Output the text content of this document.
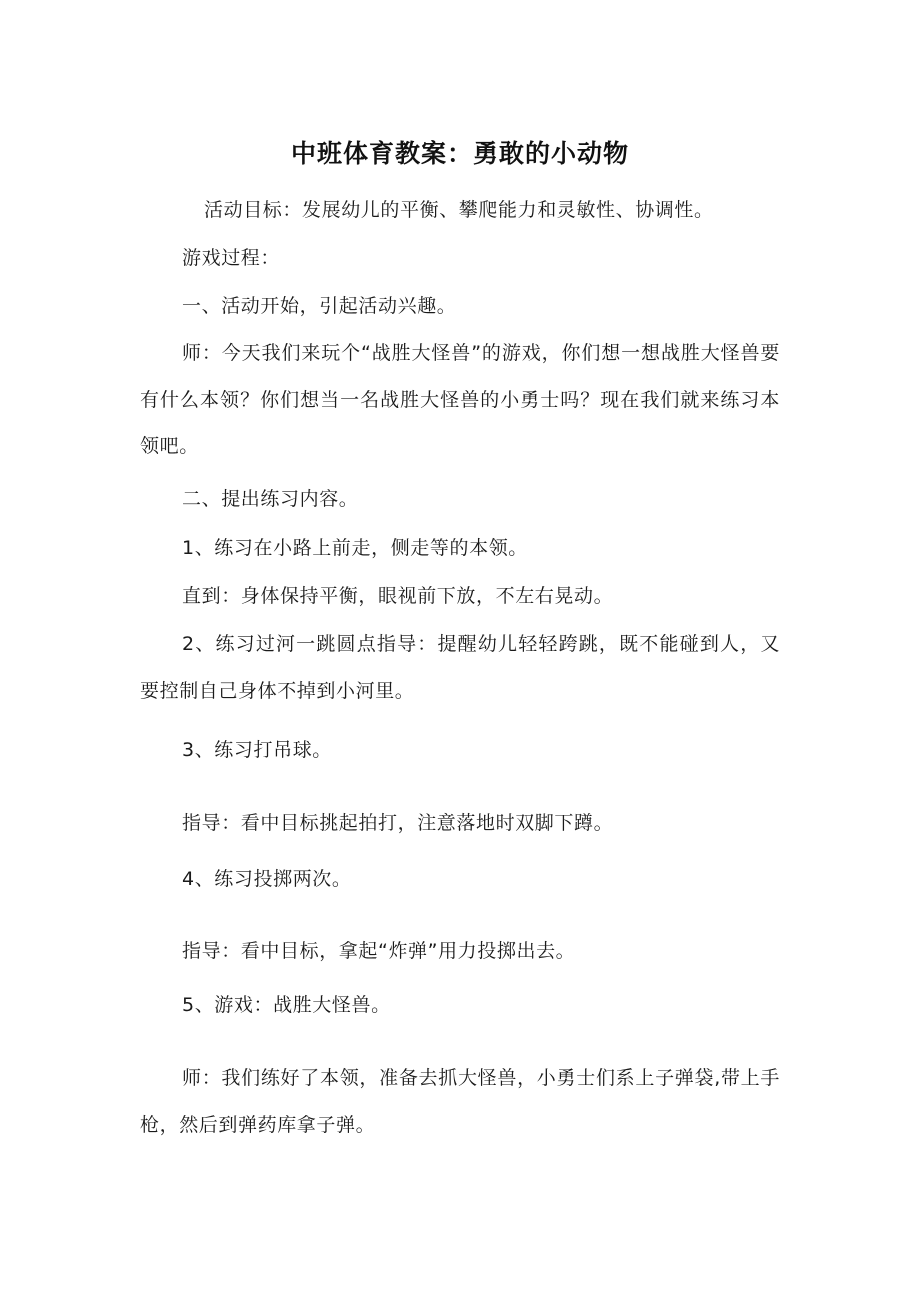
中班体育教案：勇敢的小动物
活动目标：发展幼儿的平衡、攀爬能力和灵敏性、协调性。
游戏过程：
一、活动开始，引起活动兴趣。
师：今天我们来玩个“战胜大怪兽”的游戏，你们想一想战胜大怪兽要有什么本领？你们想当一名战胜大怪兽的小勇士吗？现在我们就来练习本领吧。
二、提出练习内容。
1、练习在小路上前走，侧走等的本领。
直到：身体保持平衡，眼视前下放，不左右晃动。
2、练习过河一跳圆点指导：提醒幼儿轻轻跨跳，既不能碰到人，又要控制自己身体不掉到小河里。
3、练习打吊球。
指导：看中目标挑起拍打，注意落地时双脚下蹲。
4、练习投掷两次。
指导：看中目标，拿起“炸弹”用力投掷出去。
5、游戏：战胜大怪兽。
师：我们练好了本领，准备去抓大怪兽，小勇士们系上子弹袋,带上手枪，然后到弹药库拿子弹。
